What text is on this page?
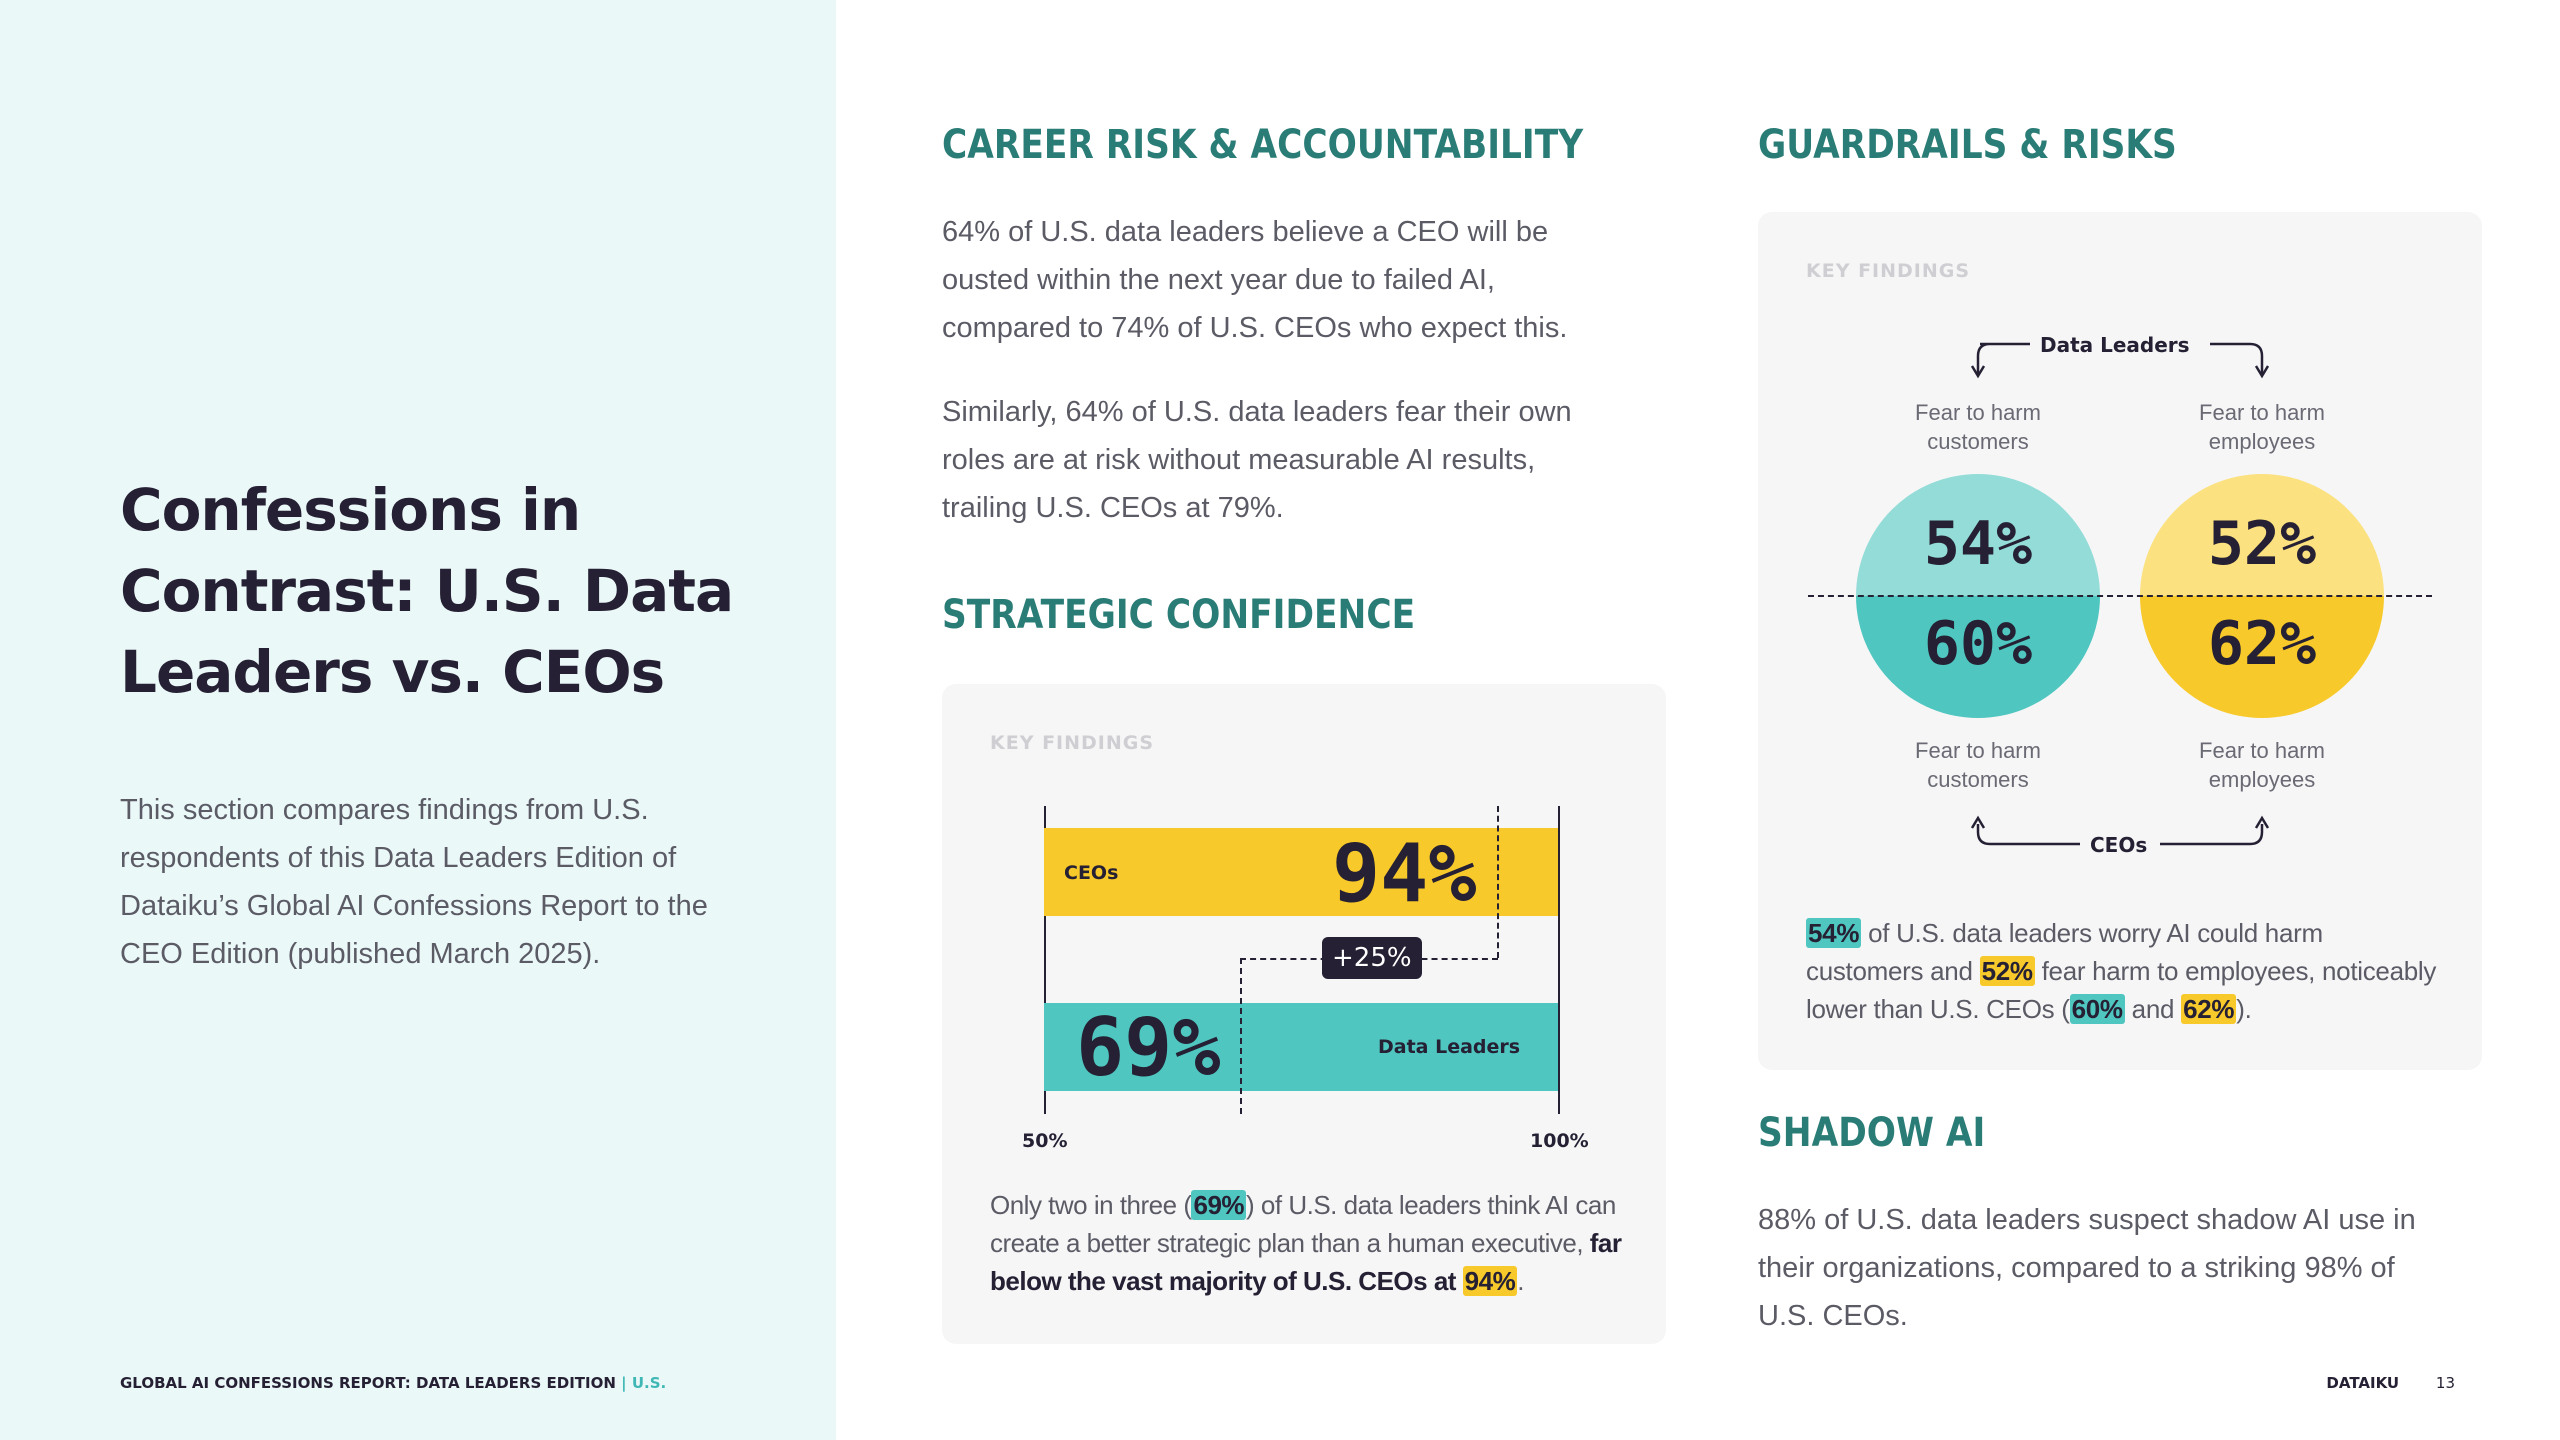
Confessions in Contrast: U.S. Data Leaders vs. CEOs
This section compares findings from U.S. respondents of this Data Leaders Edition of Dataiku’s Global AI Confessions Report to the CEO Edition (published March 2025).
GLOBAL AI CONFESSIONS REPORT: DATA LEADERS EDITION | U.S.	DATAIKU 13
CAREER RISK & ACCOUNTABILITY
64% of U.S. data leaders believe a CEO will be ousted within the next year due to failed AI, compared to 74% of U.S. CEOs who expect this.
Similarly, 64% of U.S. data leaders fear their own roles are at risk without measurable AI results, trailing U.S. CEOs at 79%.
STRATEGIC CONFIDENCE
KEY FINDINGS
CEOs	94%
69%	Data Leaders
+25%
50%	100%
Only two in three (69%) of U.S. data leaders think AI can create a better strategic plan than a human executive, far below the vast majority of U.S. CEOs at 94%.
GUARDRAILS & RISKS
KEY FINDINGS
Data Leaders
CEOs
Fear to harm customers
Fear to harm employees
54%	52%
60%	62%
Fear to harm customers
Fear to harm employees
54% of U.S. data leaders worry AI could harm customers and 52% fear harm to employees, noticeably lower than U.S. CEOs (60% and 62%).
SHADOW AI
88% of U.S. data leaders suspect shadow AI use in their organizations, compared to a striking 98% of U.S. CEOs.
